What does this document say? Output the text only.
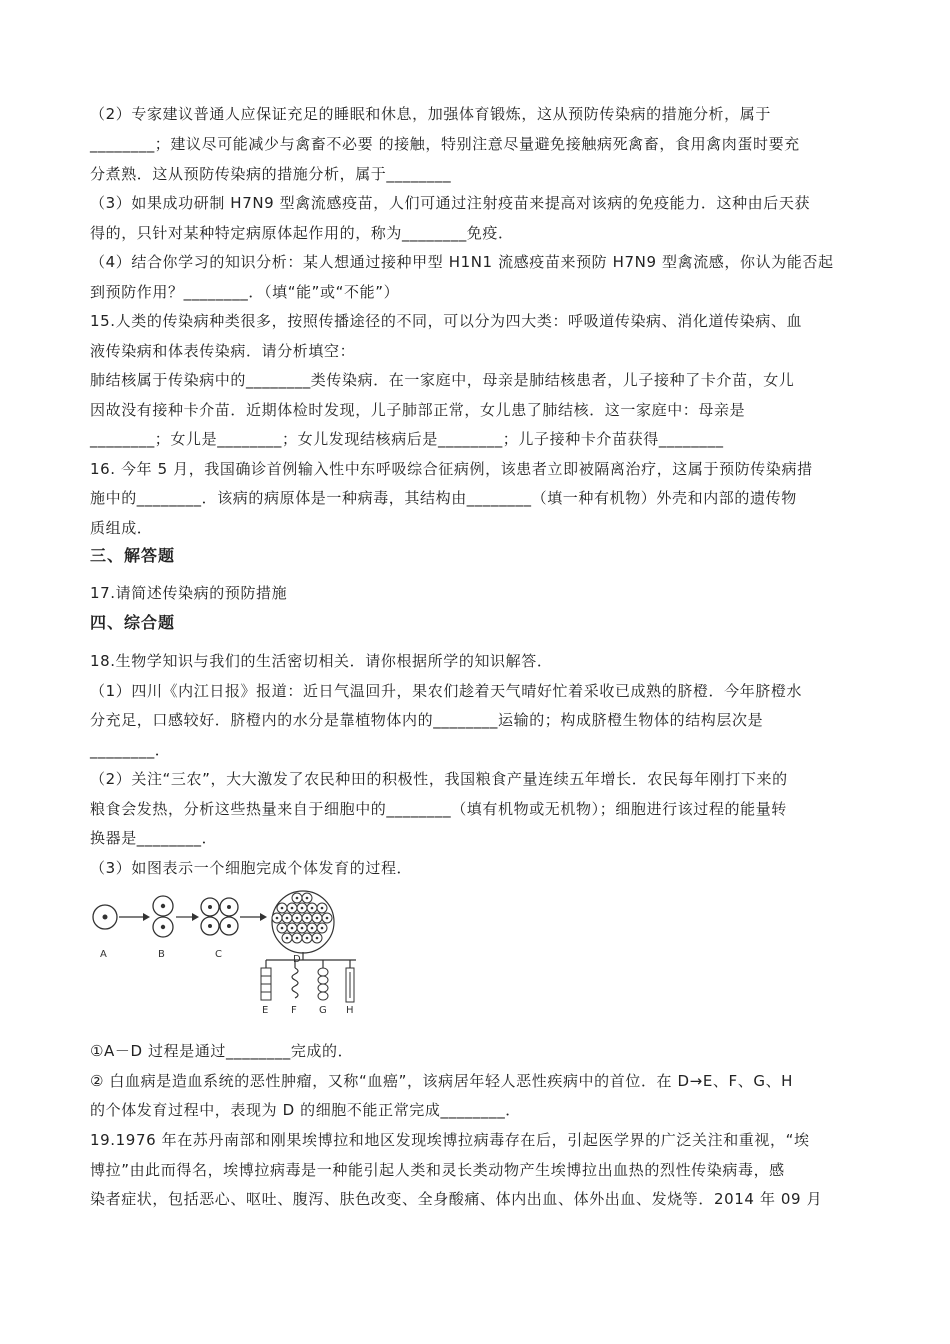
（2）专家建议普通人应保证充足的睡眠和休息，加强体育锻炼，这从预防传染病的措施分析，属于
________；建议尽可能减少与禽畜不必要 的接触，特别注意尽量避免接触病死禽畜，食用禽肉蛋时要充
分煮熟．这从预防传染病的措施分析，属于________
（3）如果成功研制 H7N9 型禽流感疫苗，人们可通过注射疫苗来提高对该病的免疫能力．这种由后天获
得的，只针对某种特定病原体起作用的，称为________免疫．
（4）结合你学习的知识分析：某人想通过接种甲型 H1N1 流感疫苗来预防 H7N9 型禽流感，你认为能否起
到预防作用？________．（填“能”或“不能”）
15.人类的传染病种类很多，按照传播途径的不同，可以分为四大类：呼吸道传染病、消化道传染病、血
液传染病和体表传染病．请分析填空：
肺结核属于传染病中的________类传染病．在一家庭中，母亲是肺结核患者，儿子接种了卡介苗，女儿
因故没有接种卡介苗．近期体检时发现，儿子肺部正常，女儿患了肺结核．这一家庭中：母亲是
________；女儿是________；女儿发现结核病后是________；儿子接种卡介苗获得________
16. 今年 5 月，我国确诊首例输入性中东呼吸综合征病例，该患者立即被隔离治疗，这属于预防传染病措
施中的________．该病的病原体是一种病毒，其结构由________（填一种有机物）外壳和内部的遗传物
质组成．
三、解答题
17.请简述传染病的预防措施
四、综合题
18.生物学知识与我们的生活密切相关．请你根据所学的知识解答．
（1）四川《内江日报》报道：近日气温回升，果农们趁着天气晴好忙着采收已成熟的脐橙．今年脐橙水
分充足，口感较好．脐橙内的水分是靠植物体内的________运输的；构成脐橙生物体的结构层次是
________．
（2）关注“三农”，大大激发了农民种田的积极性，我国粮食产量连续五年增长．农民每年刚打下来的
粮食会发热，分析这些热量来自于细胞中的________（填有机物或无机物）；细胞进行该过程的能量转
换器是________．
（3）如图表示一个细胞完成个体发育的过程．
A	B	C	D
E F G H
①A－D 过程是通过________完成的．
② 白血病是造血系统的恶性肿瘤，又称“血癌”，该病居年轻人恶性疾病中的首位．在 D→E、F、G、H
的个体发育过程中，表现为 D 的细胞不能正常完成________．
19.1976 年在苏丹南部和刚果埃博拉和地区发现埃博拉病毒存在后，引起医学界的广泛关注和重视，“埃
博拉”由此而得名，埃博拉病毒是一种能引起人类和灵长类动物产生埃博拉出血热的烈性传染病毒，感
染者症状，包括恶心、呕吐、腹泻、肤色改变、全身酸痛、体内出血、体外出血、发烧等．2014 年 09 月
